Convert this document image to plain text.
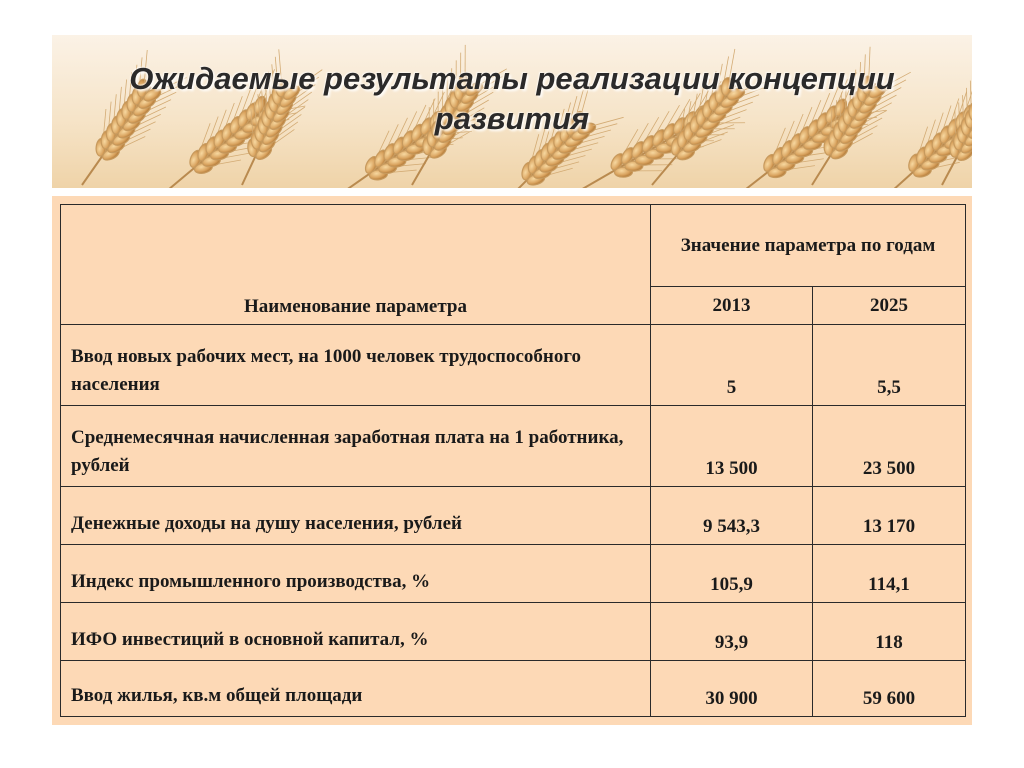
Ожидаемые результаты реализации концепции развития
Наименование параметра	Значение параметра по годам	
	2013	2025
Ввод новых рабочих мест, на 1000 человек трудоспособного населения	5	5,5
Среднемесячная начисленная заработная плата на 1 работника, рублей	13 500	23 500
Денежные доходы на душу населения, рублей	9 543,3	13 170
Индекс промышленного производства, %	105,9	114,1
ИФО инвестиций в основной капитал, %	93,9	118
Ввод жилья, кв.м общей площади	30 900	59 600
